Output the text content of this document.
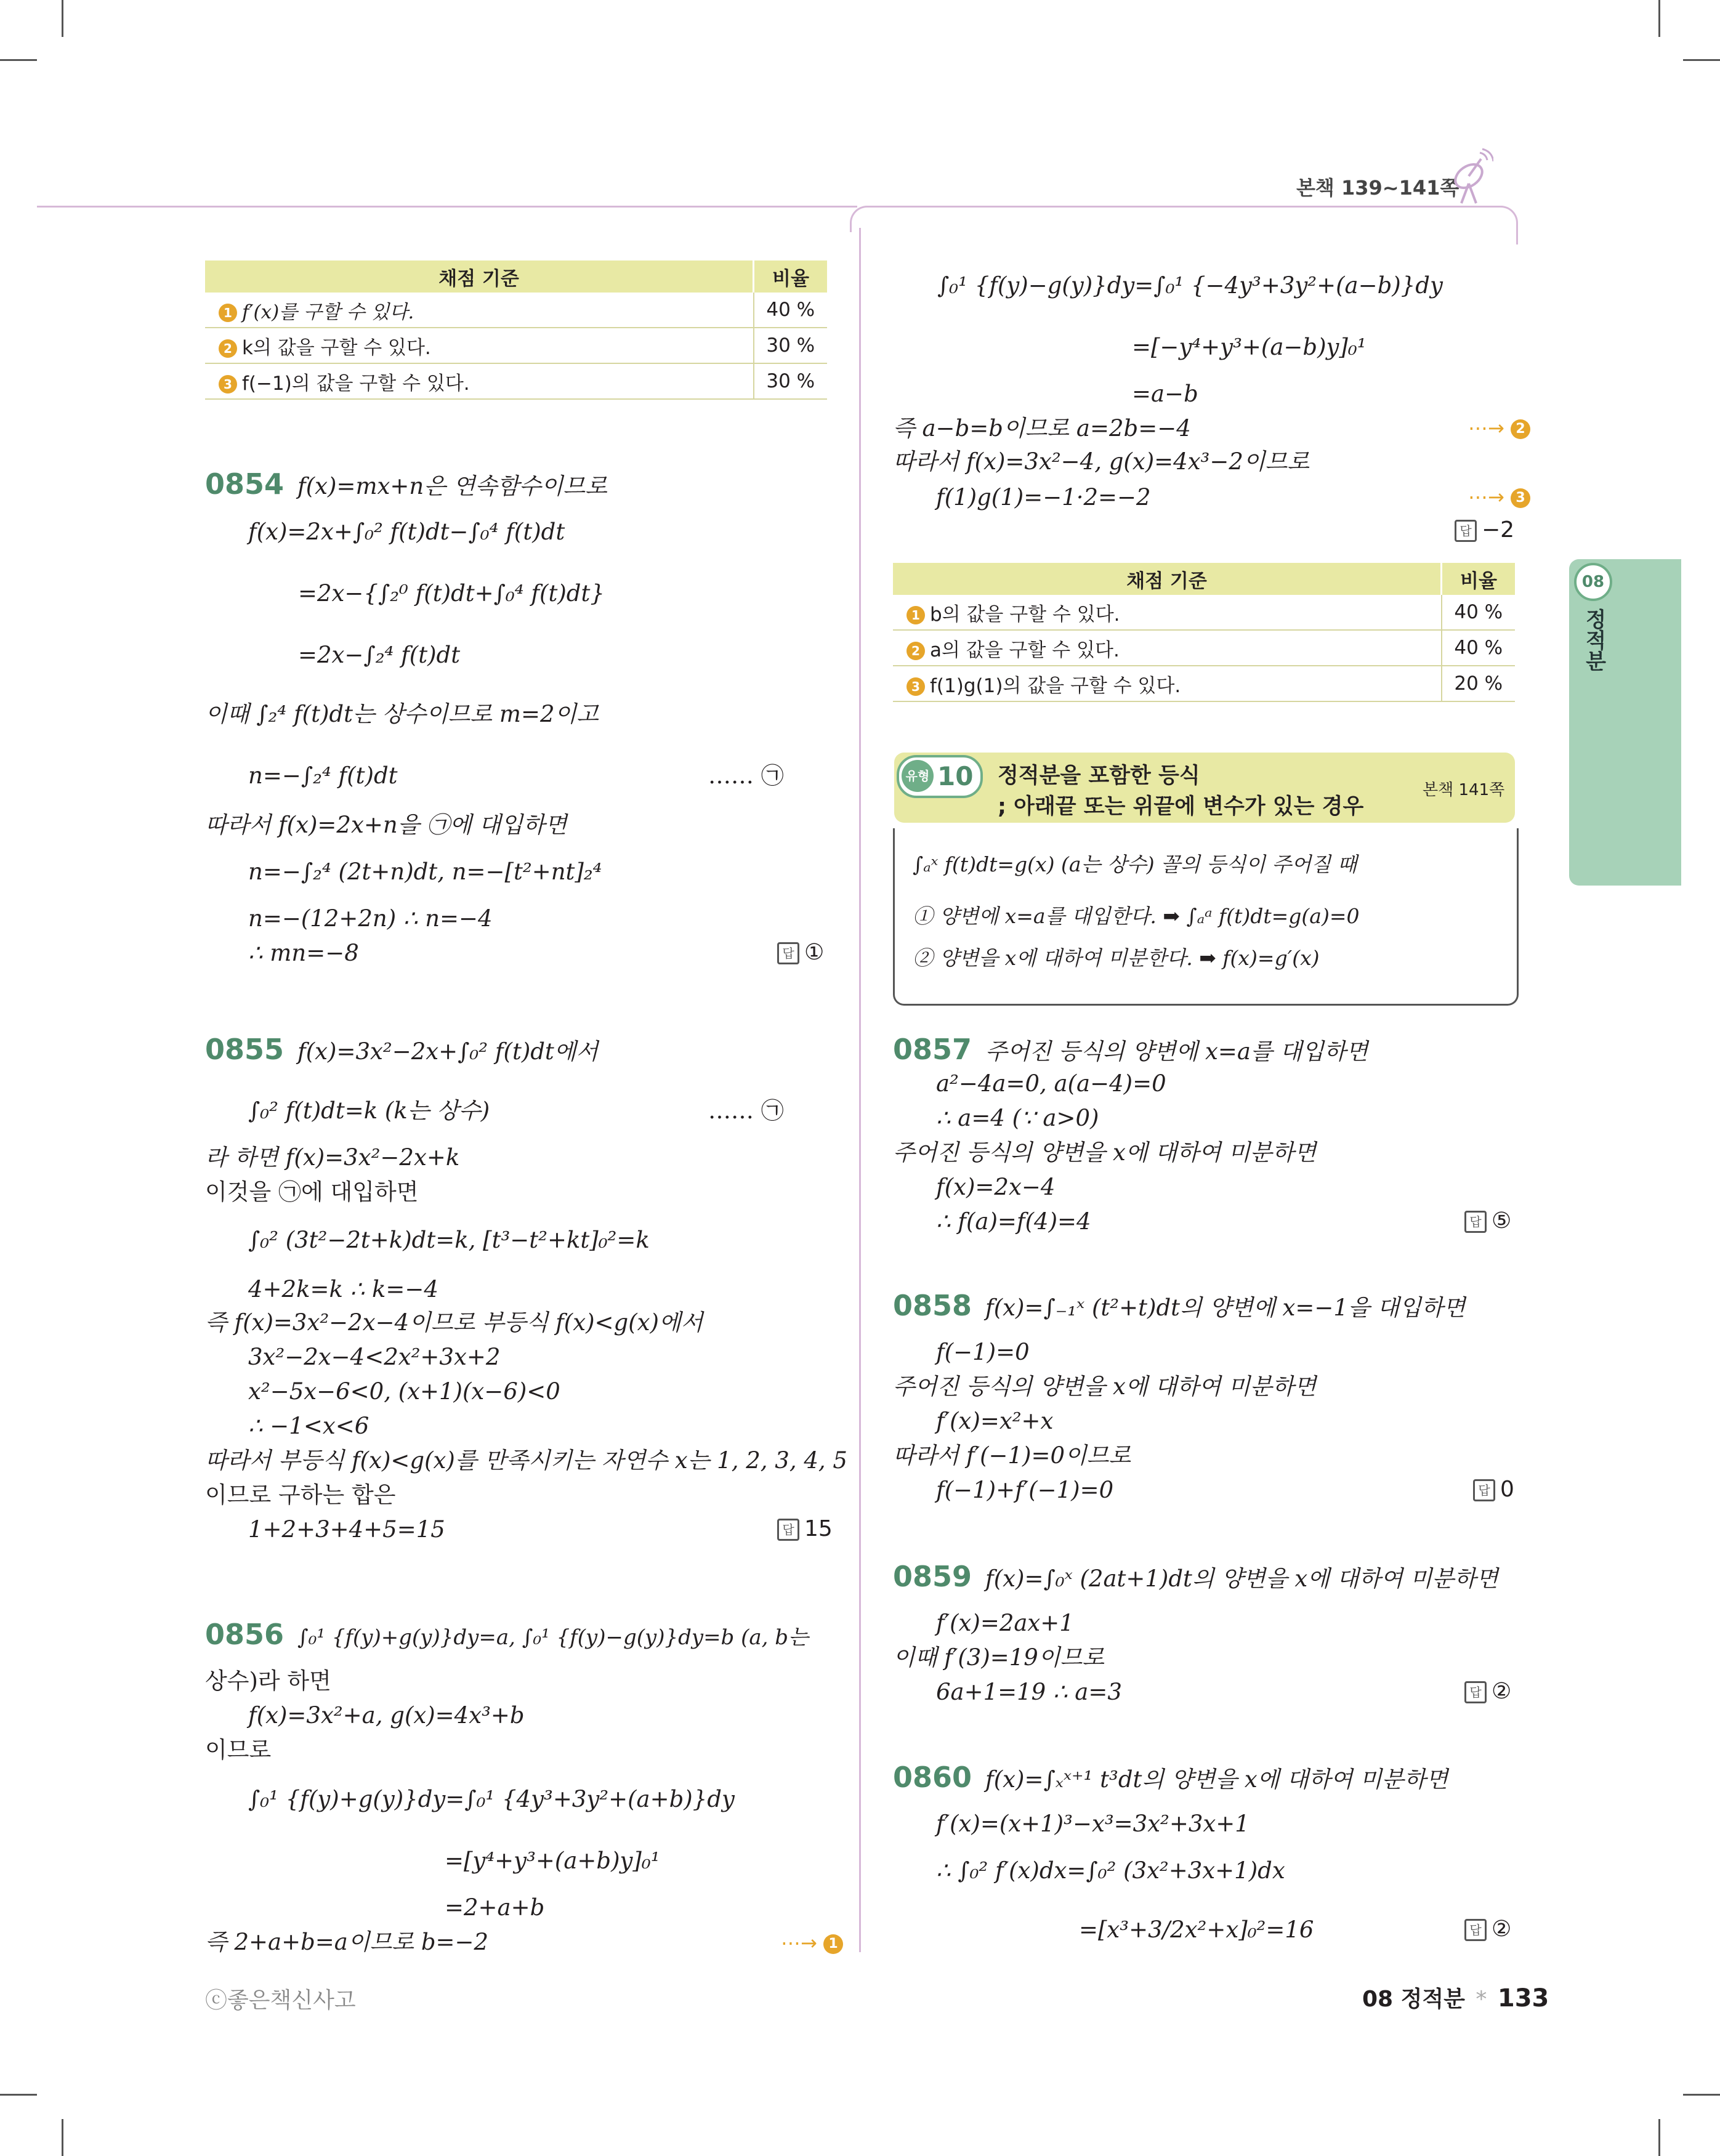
본책 139~141쪽
08
정적분
채점 기준	비율
1 f′(x)를 구할 수 있다.	40 %
2 k의 값을 구할 수 있다.	30 %
3 f(−1)의 값을 구할 수 있다.	30 %
0854 f(x)=mx+n은 연속함수이므로
f(x)=2x+∫₀² f(t)dt−∫₀⁴ f(t)dt
=2x−{∫₂⁰ f(t)dt+∫₀⁴ f(t)dt}
=2x−∫₂⁴ f(t)dt
이때 ∫₂⁴ f(t)dt는 상수이므로 m=2이고
n=−∫₂⁴ f(t)dt	…… ㉠
따라서 f(x)=2x+n을 ㉠에 대입하면
n=−∫₂⁴ (2t+n)dt, n=−[t²+nt]₂⁴
n=−(12+2n) ∴ n=−4
∴ mn=−8	답 ①
0855 f(x)=3x²−2x+∫₀² f(t)dt에서
∫₀² f(t)dt=k (k는 상수)	…… ㉠
라 하면 f(x)=3x²−2x+k
이것을 ㉠에 대입하면
∫₀² (3t²−2t+k)dt=k, [t³−t²+kt]₀²=k
4+2k=k ∴ k=−4
즉 f(x)=3x²−2x−4이므로 부등식 f(x)<g(x)에서
3x²−2x−4<2x²+3x+2
x²−5x−6<0, (x+1)(x−6)<0
∴ −1<x<6
따라서 부등식 f(x)<g(x)를 만족시키는 자연수 x는 1, 2, 3, 4, 5
이므로 구하는 합은
1+2+3+4+5=15	답 15
0856 ∫₀¹ {f(y)+g(y)}dy=a, ∫₀¹ {f(y)−g(y)}dy=b (a, b는
상수)라 하면
f(x)=3x²+a, g(x)=4x³+b
이므로
∫₀¹ {f(y)+g(y)}dy=∫₀¹ {4y³+3y²+(a+b)}dy
=[y⁴+y³+(a+b)y]₀¹
=2+a+b
즉 2+a+b=a이므로 b=−2	⋯→ 1
∫₀¹ {f(y)−g(y)}dy=∫₀¹ {−4y³+3y²+(a−b)}dy
=[−y⁴+y³+(a−b)y]₀¹
=a−b
즉 a−b=b이므로 a=2b=−4	⋯→ 2
따라서 f(x)=3x²−4, g(x)=4x³−2이므로
f(1)g(1)=−1·2=−2	⋯→ 3
답 −2
채점 기준	비율
1 b의 값을 구할 수 있다.	40 %
2 a의 값을 구할 수 있다.	40 %
3 f(1)g(1)의 값을 구할 수 있다.	20 %
유형 10 정적분을 포함한 등식
; 아래끝 또는 위끝에 변수가 있는 경우
본책 141쪽
∫ₐˣ f(t)dt=g(x) (a는 상수) 꼴의 등식이 주어질 때
① 양변에 x=a를 대입한다. ➡ ∫ₐᵃ f(t)dt=g(a)=0
② 양변을 x에 대하여 미분한다. ➡ f(x)=g′(x)
0857 주어진 등식의 양변에 x=a를 대입하면
a²−4a=0, a(a−4)=0
∴ a=4 (∵ a>0)
주어진 등식의 양변을 x에 대하여 미분하면
f(x)=2x−4
∴ f(a)=f(4)=4	답 ⑤
0858 f(x)=∫₋₁ˣ (t²+t)dt의 양변에 x=−1을 대입하면
f(−1)=0
주어진 등식의 양변을 x에 대하여 미분하면
f′(x)=x²+x
따라서 f′(−1)=0이므로
f(−1)+f′(−1)=0	답 0
0859 f(x)=∫₀ˣ (2at+1)dt의 양변을 x에 대하여 미분하면
f′(x)=2ax+1
이때 f′(3)=19이므로
6a+1=19 ∴ a=3	답 ②
0860 f(x)=∫ₓˣ⁺¹ t³dt의 양변을 x에 대하여 미분하면
f′(x)=(x+1)³−x³=3x²+3x+1
∴ ∫₀² f′(x)dx=∫₀² (3x²+3x+1)dx
=[x³+3/2x²+x]₀²=16	답 ②
ⓒ좋은책신사고	08 정적분 * 133
